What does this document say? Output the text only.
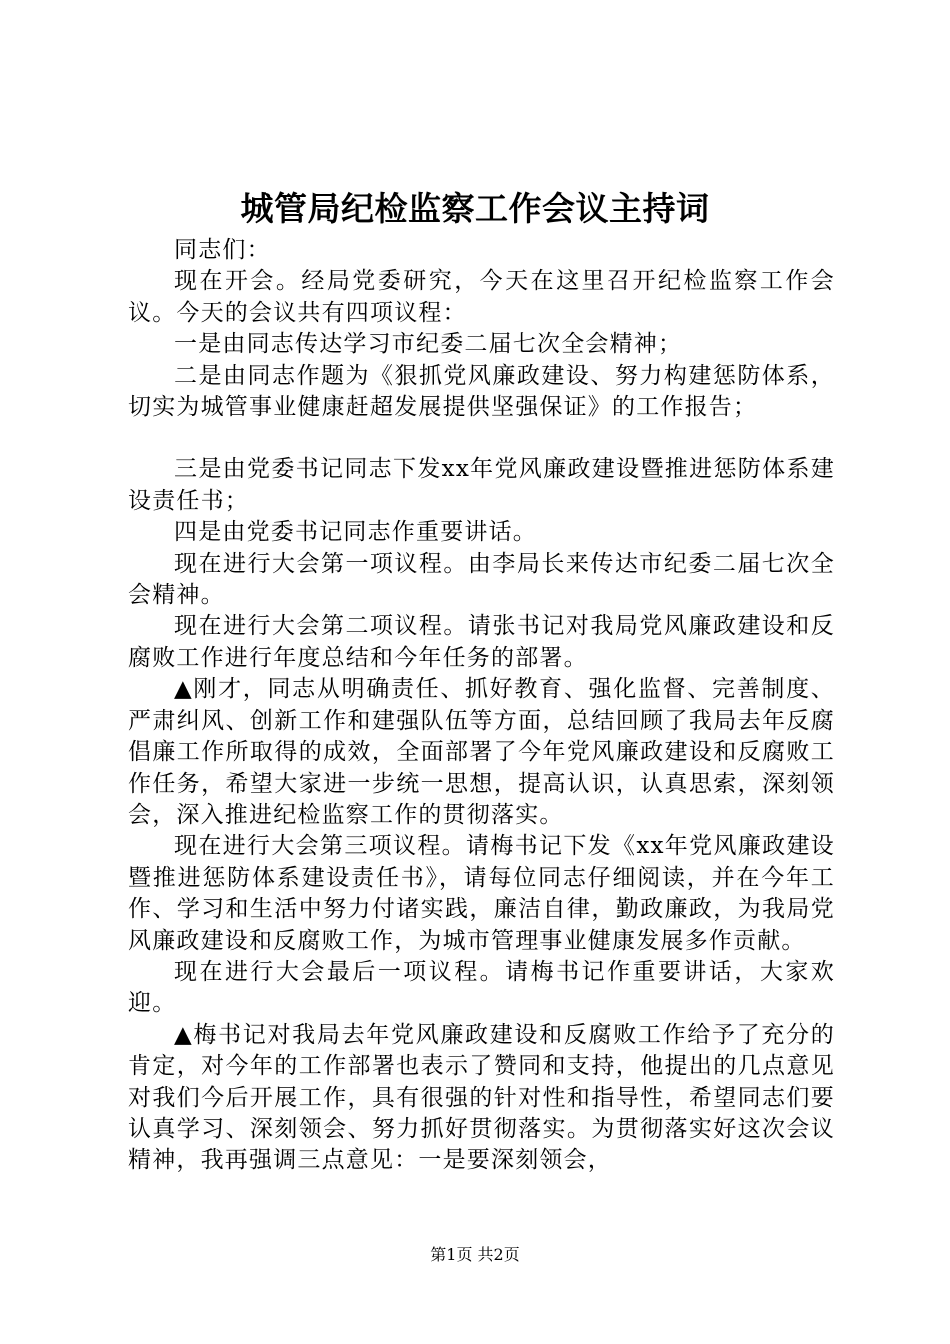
城管局纪检监察工作会议主持词

同志们：

现在开会。经局党委研究，今天在这里召开纪检监察工作会议。今天的会议共有四项议程：

一是由同志传达学习市纪委二届七次全会精神；

二是由同志作题为《狠抓党风廉政建设、努力构建惩防体系，切实为城管事业健康赶超发展提供坚强保证》的工作报告；

三是由党委书记同志下发xx年党风廉政建设暨推进惩防体系建设责任书；

四是由党委书记同志作重要讲话。

现在进行大会第一项议程。由李局长来传达市纪委二届七次全会精神。

现在进行大会第二项议程。请张书记对我局党风廉政建设和反腐败工作进行年度总结和今年任务的部署。

▲刚才，同志从明确责任、抓好教育、强化监督、完善制度、严肃纠风、创新工作和建强队伍等方面，总结回顾了我局去年反腐倡廉工作所取得的成效，全面部署了今年党风廉政建设和反腐败工作任务，希望大家进一步统一思想，提高认识，认真思索，深刻领会，深入推进纪检监察工作的贯彻落实。

现在进行大会第三项议程。请梅书记下发《xx年党风廉政建设暨推进惩防体系建设责任书》，请每位同志仔细阅读，并在今年工作、学习和生活中努力付诸实践，廉洁自律，勤政廉政，为我局党风廉政建设和反腐败工作，为城市管理事业健康发展多作贡献。

现在进行大会最后一项议程。请梅书记作重要讲话，大家欢迎。

▲梅书记对我局去年党风廉政建设和反腐败工作给予了充分的肯定，对今年的工作部署也表示了赞同和支持，他提出的几点意见对我们今后开展工作，具有很强的针对性和指导性，希望同志们要认真学习、深刻领会、努力抓好贯彻落实。为贯彻落实好这次会议精神，我再强调三点意见：一是要深刻领会，

第1页 共2页
